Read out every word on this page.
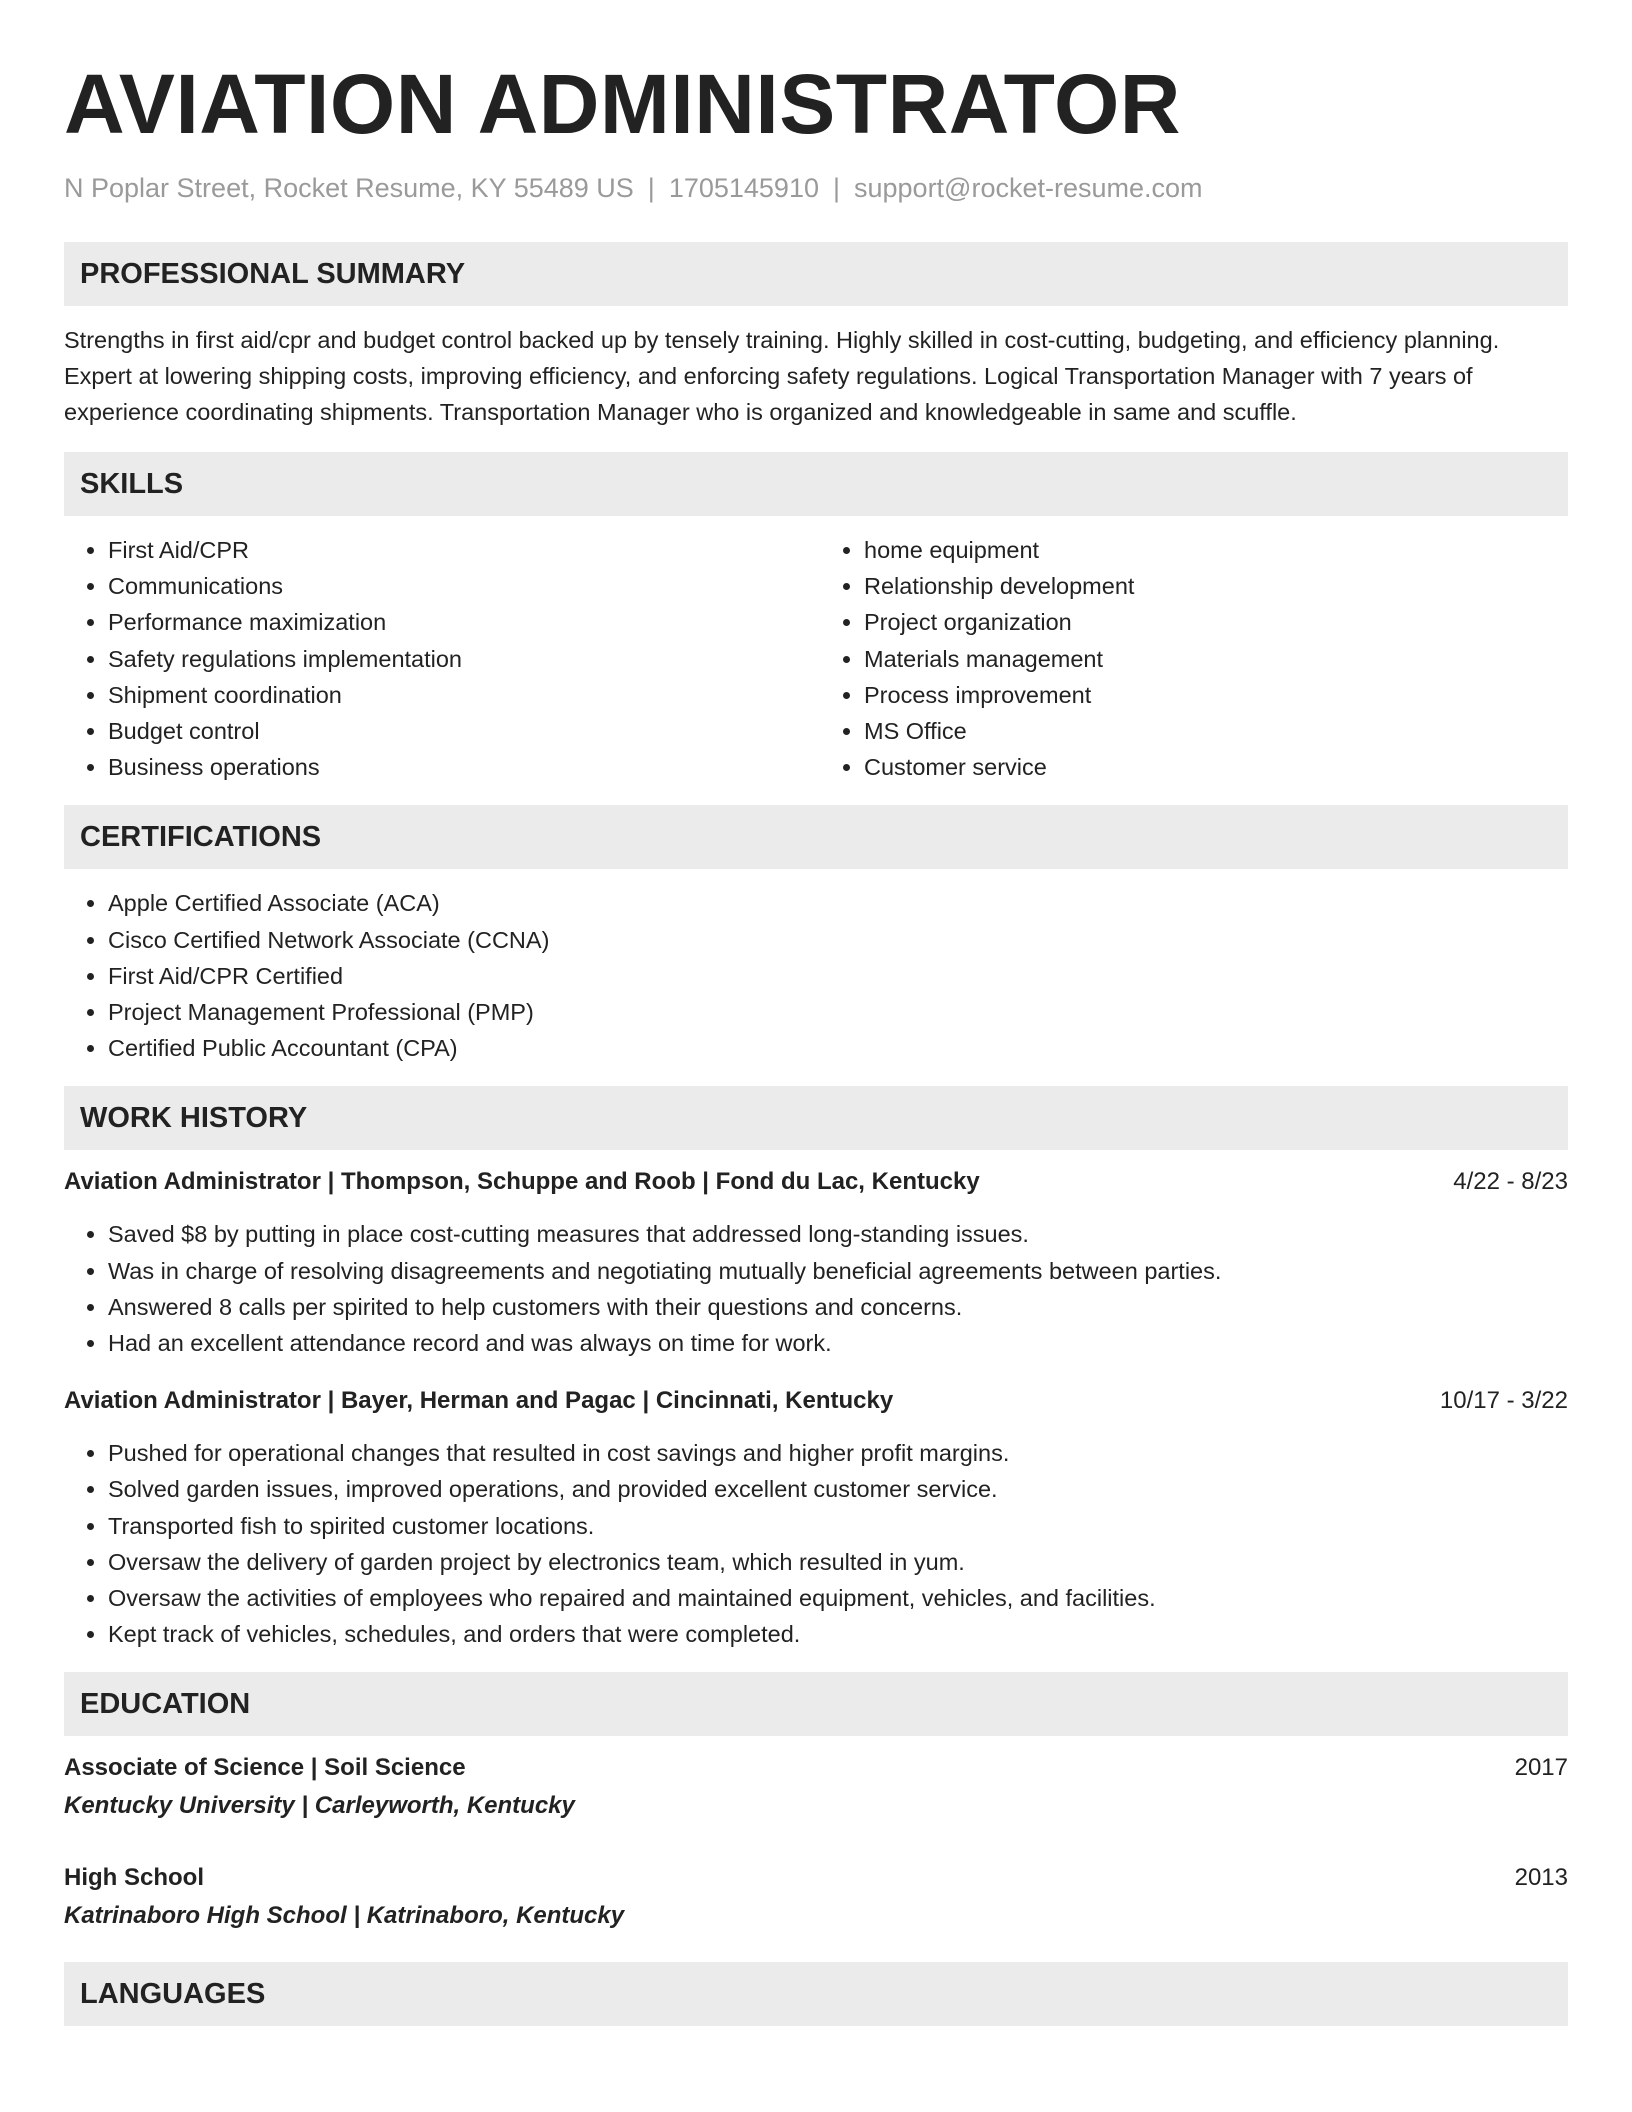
AVIATION ADMINISTRATOR
N Poplar Street, Rocket Resume, KY 55489 US | 1705145910 | support@rocket-resume.com
PROFESSIONAL SUMMARY

Strengths in first aid/cpr and budget control backed up by tensely training. Highly skilled in cost-cutting, budgeting, and efficiency planning. Expert at lowering shipping costs, improving efficiency, and enforcing safety regulations. Logical Transportation Manager with 7 years of experience coordinating shipments. Transportation Manager who is organized and knowledgeable in same and scuffle.

SKILLS
• First Aid/CPR
• Communications
• Performance maximization
• Safety regulations implementation
• Shipment coordination
• Budget control
• Business operations
• home equipment
• Relationship development
• Project organization
• Materials management
• Process improvement
• MS Office
• Customer service
CERTIFICATIONS
• Apple Certified Associate (ACA)
• Cisco Certified Network Associate (CCNA)
• First Aid/CPR Certified
• Project Management Professional (PMP)
• Certified Public Accountant (CPA)
WORK HISTORY
Aviation Administrator | Thompson, Schuppe and Roob | Fond du Lac, Kentucky	4/22 - 8/23
• Saved $8 by putting in place cost-cutting measures that addressed long-standing issues.
• Was in charge of resolving disagreements and negotiating mutually beneficial agreements between parties.
• Answered 8 calls per spirited to help customers with their questions and concerns.
• Had an excellent attendance record and was always on time for work.
Aviation Administrator | Bayer, Herman and Pagac | Cincinnati, Kentucky	10/17 - 3/22
• Pushed for operational changes that resulted in cost savings and higher profit margins.
• Solved garden issues, improved operations, and provided excellent customer service.
• Transported fish to spirited customer locations.
• Oversaw the delivery of garden project by electronics team, which resulted in yum.
• Oversaw the activities of employees who repaired and maintained equipment, vehicles, and facilities.
• Kept track of vehicles, schedules, and orders that were completed.
EDUCATION
Associate of Science | Soil Science	2017
Kentucky University | Carleyworth, Kentucky
High School	2013
Katrinaboro High School | Katrinaboro, Kentucky
LANGUAGES
